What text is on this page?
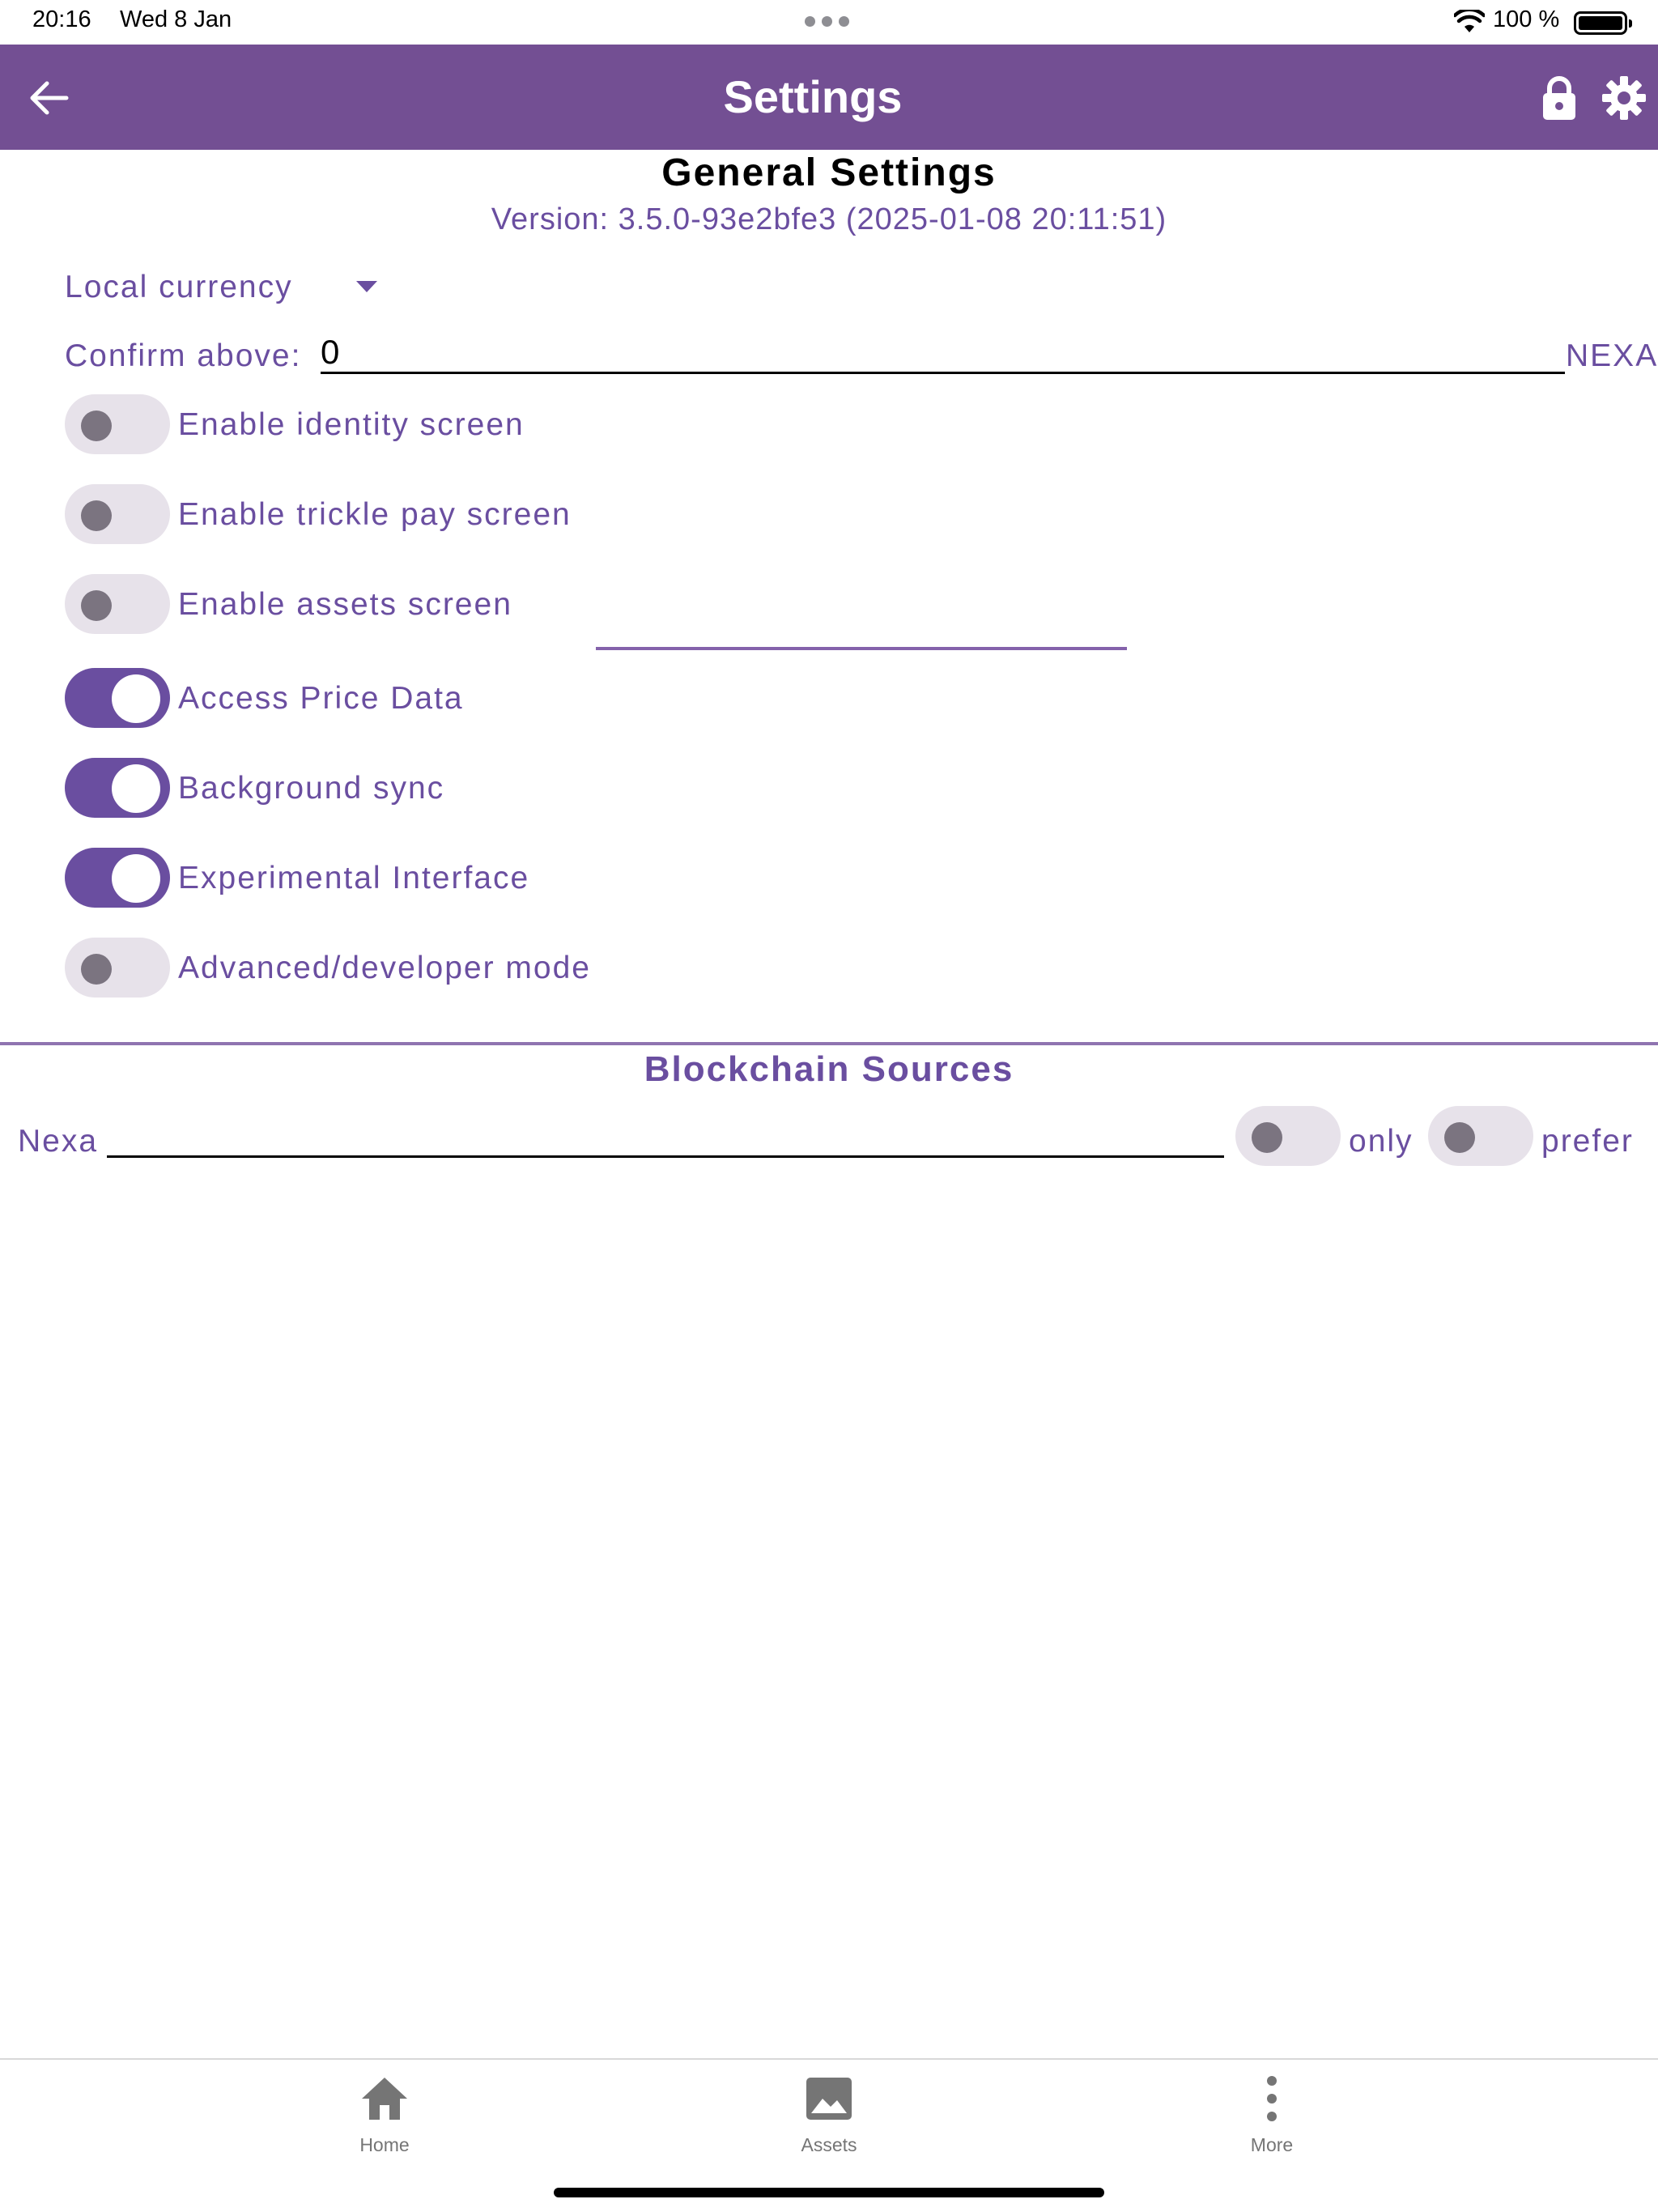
20:16 Wed 8 Jan	100 %
Settings
General Settings
Version: 3.5.0-93e2bfe3 (2025-01-08 20:11:51)
Local currency
Confirm above:
0	NEXA
Enable identity screen
Enable trickle pay screen
Enable assets screen
Access Price Data
Background sync
Experimental Interface
Advanced/developer mode
Blockchain Sources
Nexa	only	prefer
Home	Assets	More
